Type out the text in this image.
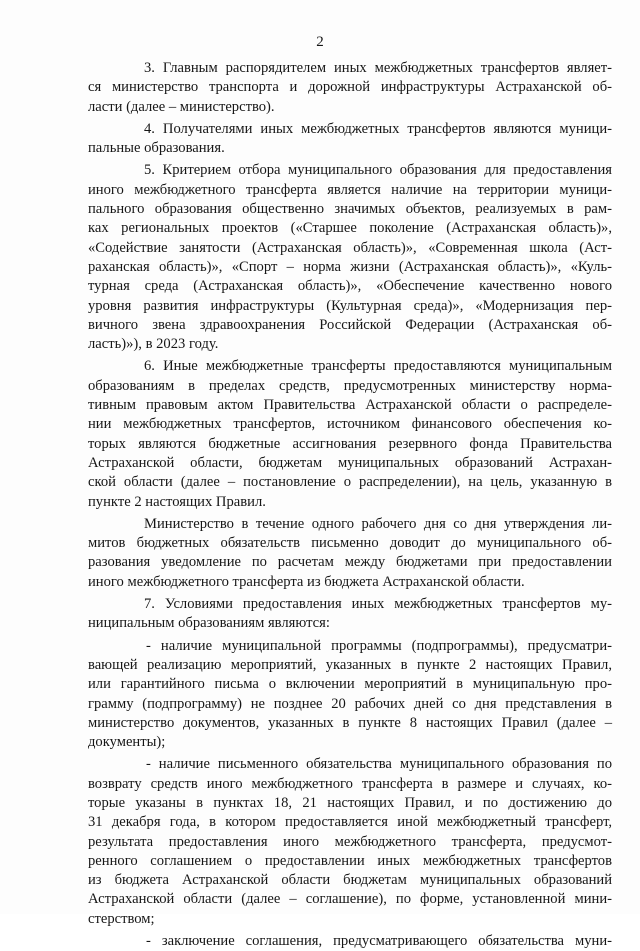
2
3. Главным распорядителем иных межбюджетных трансфертов являет-
ся министерство транспорта и дорожной инфраструктуры Астраханской об-
ласти (далее – министерство).
4. Получателями иных межбюджетных трансфертов являются муници-
пальные образования.
5. Критерием отбора муниципального образования для предоставления
иного межбюджетного трансферта является наличие на территории муници-
пального образования общественно значимых объектов, реализуемых в рам-
ках региональных проектов («Старшее поколение (Астраханская область)»,
«Содействие занятости (Астраханская область)», «Современная школа (Аст-
раханская область)», «Спорт – норма жизни (Астраханская область)», «Куль-
турная среда (Астраханская область)», «Обеспечение качественно нового
уровня развития инфраструктуры (Культурная среда)», «Модернизация пер-
вичного звена здравоохранения Российской Федерации (Астраханская об-
ласть)»), в 2023 году.
6. Иные межбюджетные трансферты предоставляются муниципальным
образованиям в пределах средств, предусмотренных министерству норма-
тивным правовым актом Правительства Астраханской области о распределе-
нии межбюджетных трансфертов, источником финансового обеспечения ко-
торых являются бюджетные ассигнования резервного фонда Правительства
Астраханской области, бюджетам муниципальных образований Астрахан-
ской области (далее – постановление о распределении), на цель, указанную в
пункте 2 настоящих Правил.
Министерство в течение одного рабочего дня со дня утверждения ли-
митов бюджетных обязательств письменно доводит до муниципального об-
разования уведомление по расчетам между бюджетами при предоставлении
иного межбюджетного трансферта из бюджета Астраханской области.
7. Условиями предоставления иных межбюджетных трансфертов му-
ниципальным образованиям являются:
- наличие муниципальной программы (подпрограммы), предусматри-
вающей реализацию мероприятий, указанных в пункте 2 настоящих Правил,
или гарантийного письма о включении мероприятий в муниципальную про-
грамму (подпрограмму) не позднее 20 рабочих дней со дня представления в
министерство документов, указанных в пункте 8 настоящих Правил (далее –
документы);
- наличие письменного обязательства муниципального образования по
возврату средств иного межбюджетного трансферта в размере и случаях, ко-
торые указаны в пунктах 18, 21 настоящих Правил, и по достижению до
31 декабря года, в котором предоставляется иной межбюджетный трансферт,
результата предоставления иного межбюджетного трансферта, предусмот-
ренного соглашением о предоставлении иных межбюджетных трансфертов
из бюджета Астраханской области бюджетам муниципальных образований
Астраханской области (далее – соглашение), по форме, установленной мини-
стерством;
- заключение соглашения, предусматривающего обязательства муни-
